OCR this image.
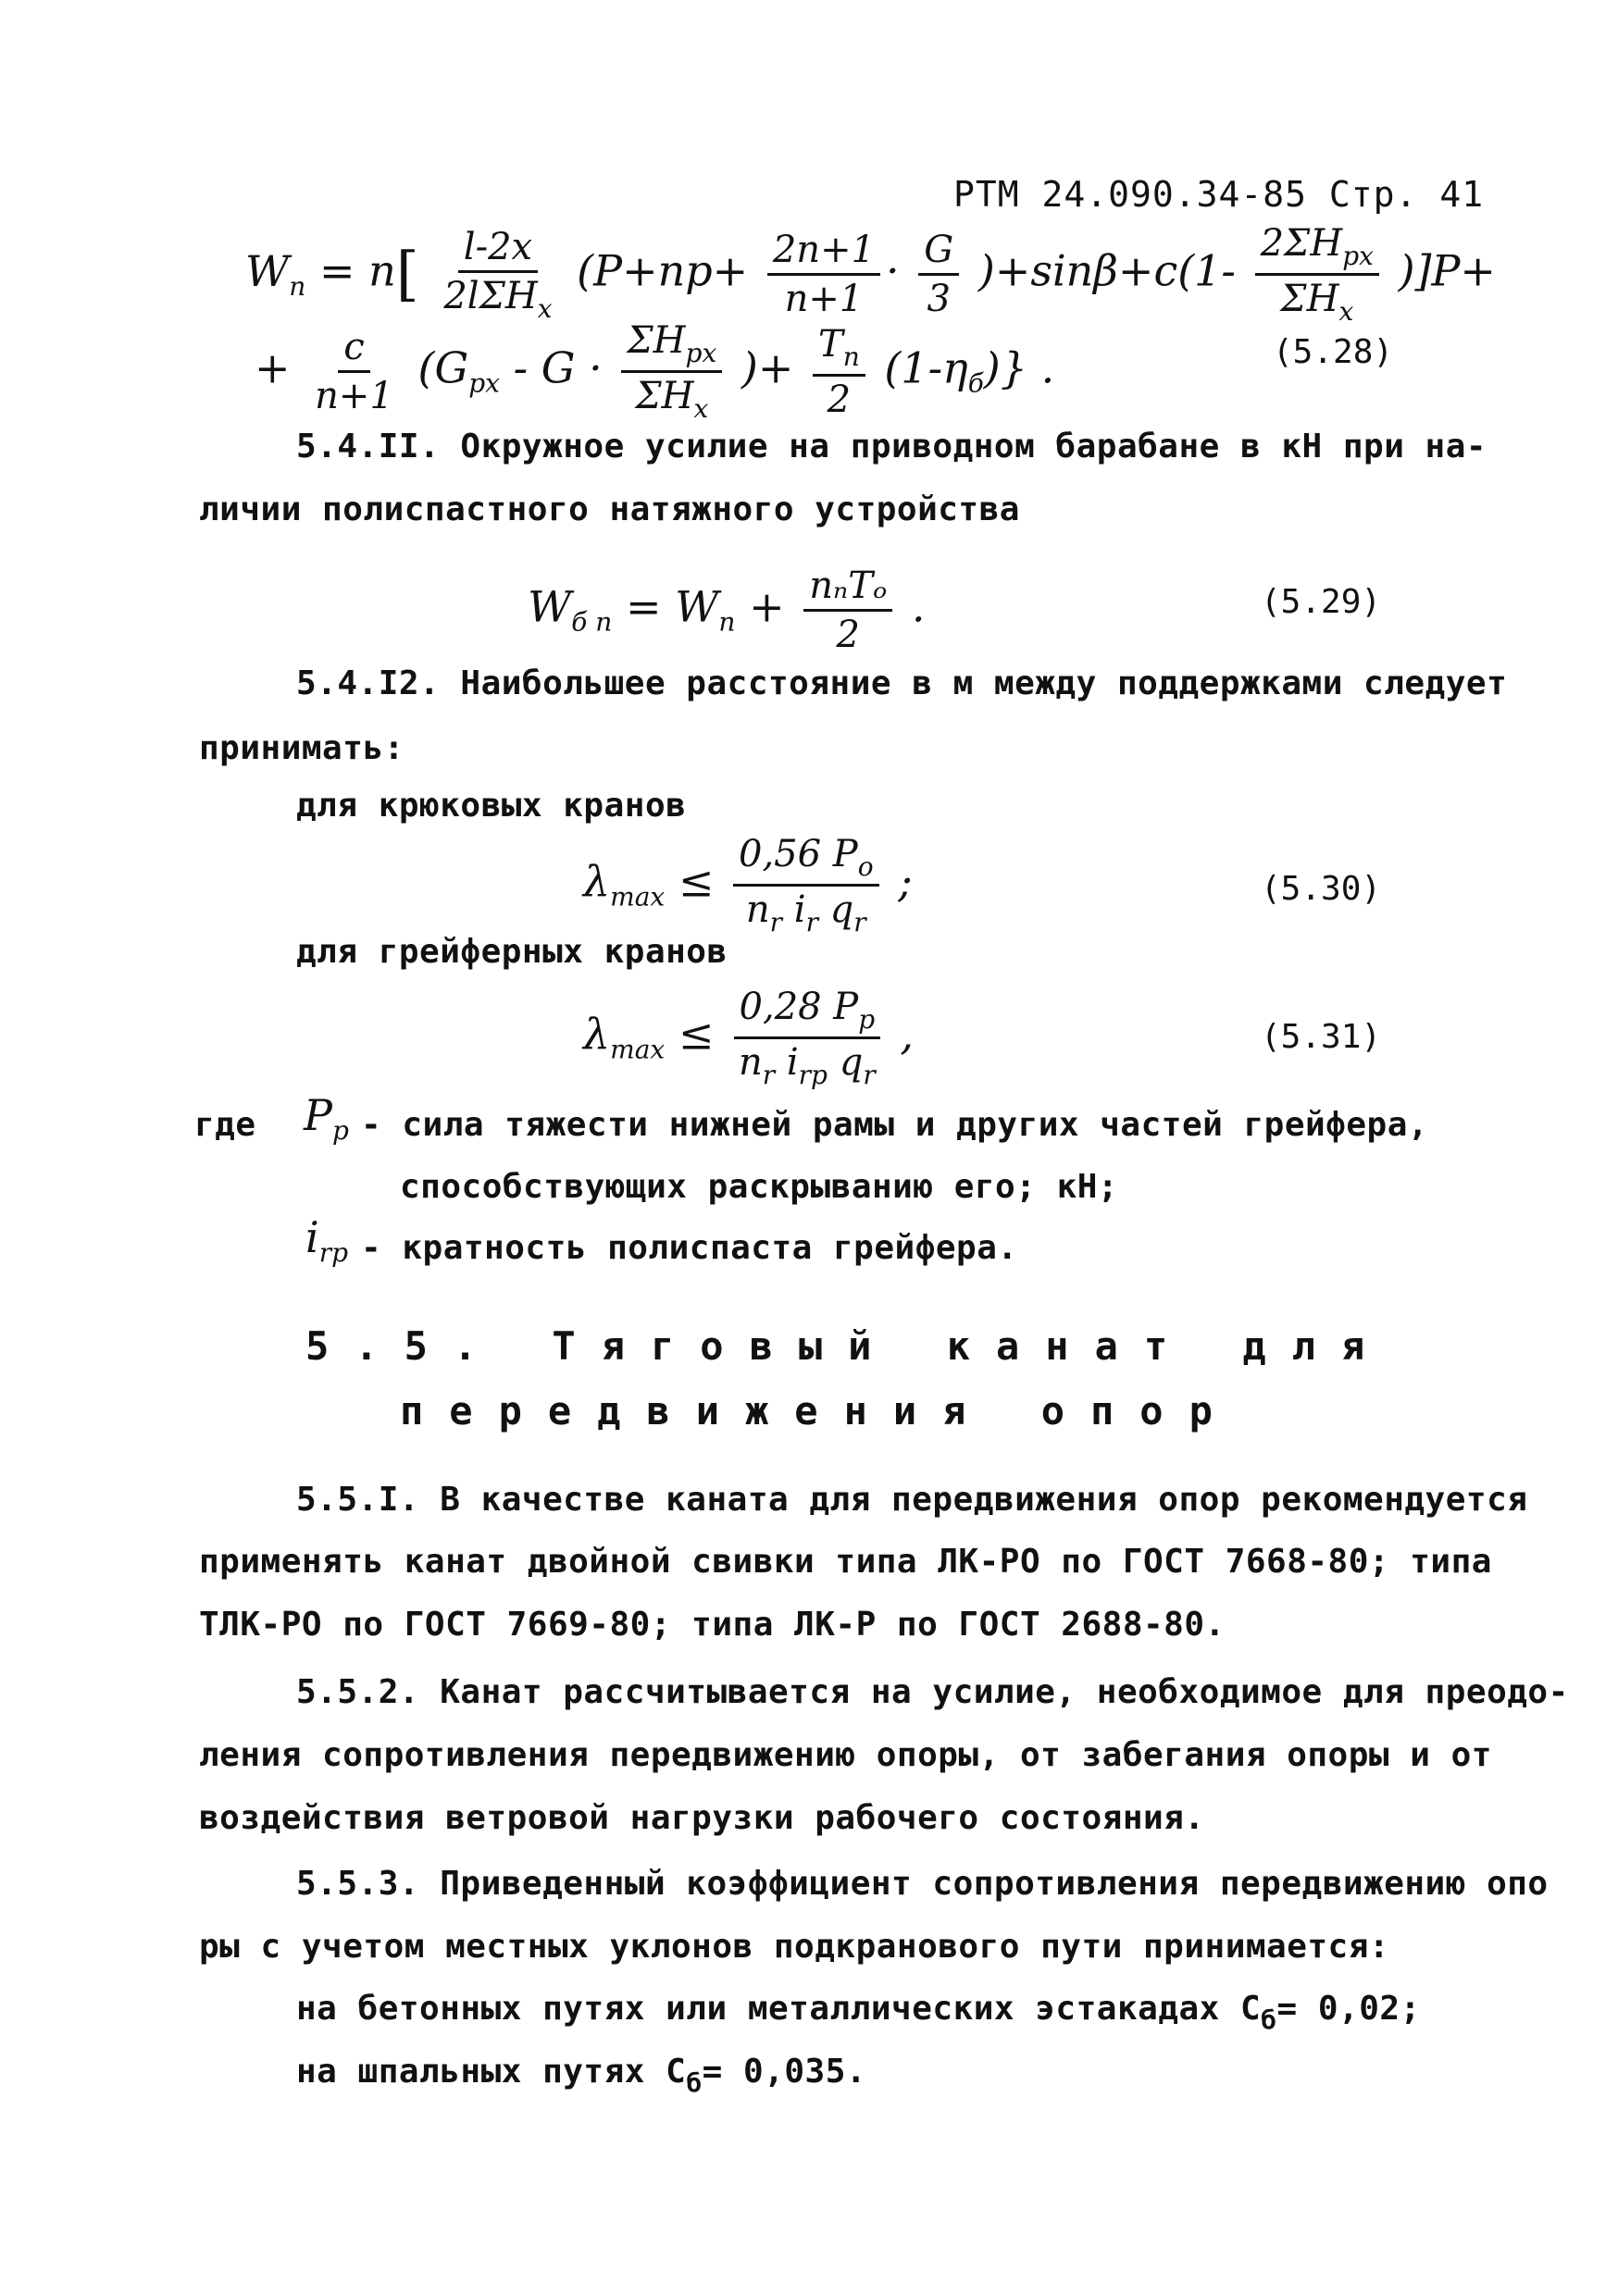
РТМ 24.090.34-85 Стр. 41
$W_п = п[ \frac{l-2x}{2l\Sigma H_x} (P+пp+ \frac{2n+1}{n+1} \cdot \frac{G}{3} )+\sin\beta+c(1- \frac{2\Sigma H_{px}}{\Sigma H_x} )]P+$
+ $\frac{c}{n+1} (G_{px} - G \cdot \frac{\Sigma H_{px}}{\Sigma H_x}$ )+ $\frac{T_п}{2} (1-\eta_б)$} .	(5.28)
5.4.II. Окружное усилие на приводном барабане в кН при на-
личии полиспастного натяжного устройства
$W_{б п} = W_п + \frac{\text{nₙTₒ}}{2}$ .	(5.29)
5.4.I2. Наибольшее расстояние в м между поддержками следует
принимать:
для крюковых кранов
$\lambda_{max} \le \frac{0,56 P_о}{n_r i_r q_r}$ ;	(5.30)
для грейферных кранов
$\lambda_{max} \le \frac{0,28 P_р}{n_r i_{rр} q_r}$ ,	(5.31)
где $P_р$ - сила тяжести нижней рамы и других частей грейфера,
способствующих раскрыванию его; кН;
$i_{rр}$ - кратность полиспаста грейфера.
5.5. Тяговый канат для
передвижения опор
5.5.I. В качестве каната для передвижения опор рекомендуется
применять канат двойной свивки типа ЛК-РО по ГОСТ 7668-80; типа
ТЛК-РО по ГОСТ 7669-80; типа ЛК-Р по ГОСТ 2688-80.
5.5.2. Канат рассчитывается на усилие, необходимое для преодо-
ления сопротивления передвижению опоры, от забегания опоры и от
воздействия ветровой нагрузки рабочего состояния.
5.5.3. Приведенный коэффициент сопротивления передвижению опо
ры с учетом местных уклонов подкранового пути принимается:
на бетонных путях или металлических эстакадах $C_б= 0,02$;
на шпальных путях $C_б= 0,035$.
